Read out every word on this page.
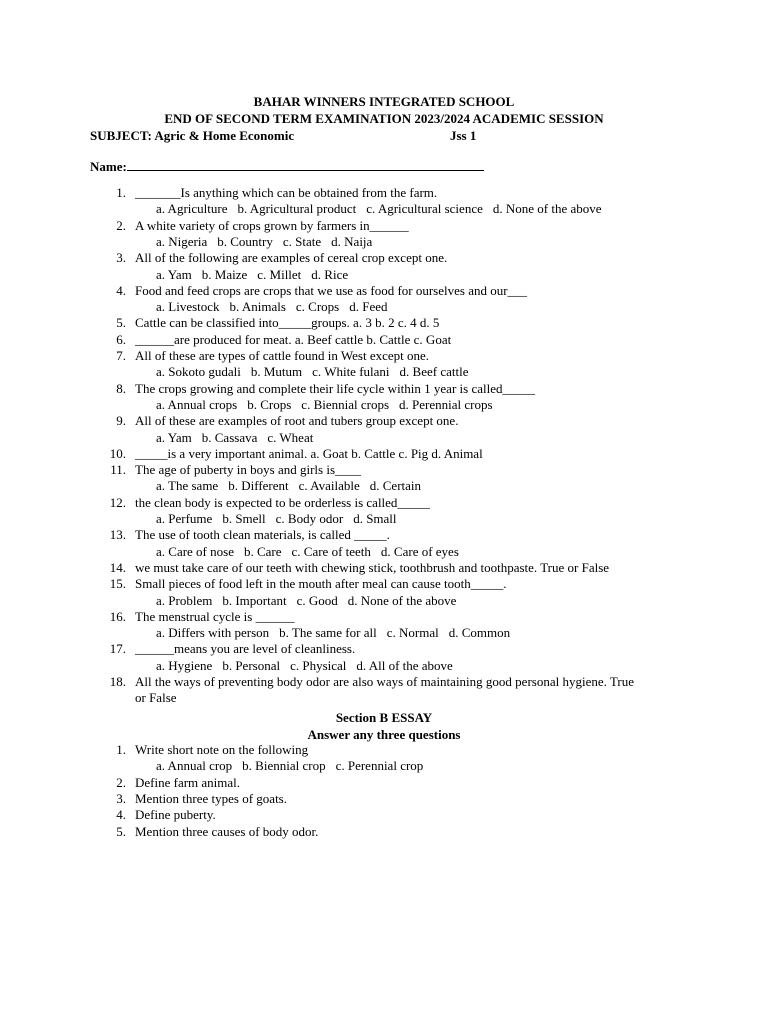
BAHAR WINNERS INTEGRATED SCHOOL
END OF SECOND TERM EXAMINATION 2023/2024 ACADEMIC SESSION
SUBJECT: Agric & Home Economic	Jss 1
Name:
1. _______Is anything which can be obtained from the farm.
a. Agriculture b. Agricultural product c. Agricultural science d. None of the above
2. A white variety of crops grown by farmers in______
a. Nigeria b. Country c. State d. Naija
3. All of the following are examples of cereal crop except one.
a. Yam b. Maize c. Millet d. Rice
4. Food and feed crops are crops that we use as food for ourselves and our___
a. Livestock b. Animals c. Crops d. Feed
5. Cattle can be classified into_____groups. a. 3 b. 2 c. 4 d. 5
6. ______are produced for meat. a. Beef cattle b. Cattle c. Goat
7. All of these are types of cattle found in West except one.
a. Sokoto gudali b. Mutum c. White fulani d. Beef cattle
8. The crops growing and complete their life cycle within 1 year is called_____
a. Annual crops b. Crops c. Biennial crops d. Perennial crops
9. All of these are examples of root and tubers group except one.
a. Yam b. Cassava c. Wheat
10. _____is a very important animal. a. Goat b. Cattle c. Pig d. Animal
11. The age of puberty in boys and girls is____
a. The same b. Different c. Available d. Certain
12. the clean body is expected to be orderless is called_____
a. Perfume b. Smell c. Body odor d. Small
13. The use of tooth clean materials, is called _____.
a. Care of nose b. Care c. Care of teeth d. Care of eyes
14. we must take care of our teeth with chewing stick, toothbrush and toothpaste. True or False
15. Small pieces of food left in the mouth after meal can cause tooth_____.
a. Problem b. Important c. Good d. None of the above
16. The menstrual cycle is ______
a. Differs with person b. The same for all c. Normal d. Common
17. ______means you are level of cleanliness.
a. Hygiene b. Personal c. Physical d. All of the above
18. All the ways of preventing body odor are also ways of maintaining good personal hygiene. True
or False
Section B ESSAY
Answer any three questions
1. Write short note on the following
a. Annual crop b. Biennial crop c. Perennial crop
2. Define farm animal.
3. Mention three types of goats.
4. Define puberty.
5. Mention three causes of body odor.
